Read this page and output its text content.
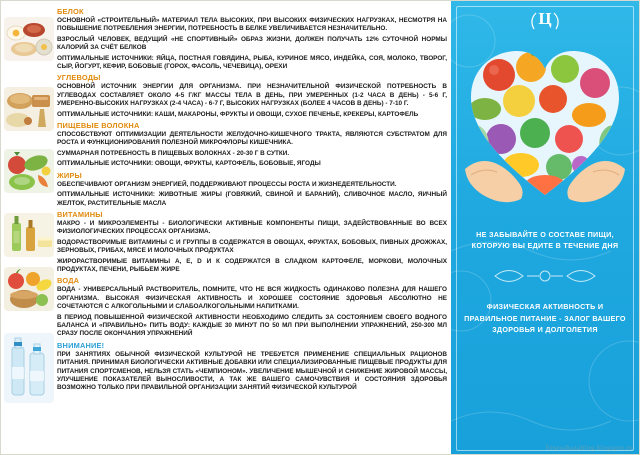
БЕЛОК

ОСНОВНОЙ «СТРОИТЕЛЬНЫЙ» МАТЕРИАЛ ТЕЛА ВЫСОКИХ, ПРИ ВЫСОКИХ ФИЗИЧЕСКИХ НАГРУЗКАХ, НЕСМОТРЯ НА ПОВЫШЕНИЕ ПОТРЕБЛЕНИЯ ЭНЕРГИИ, ПОТРЕБНОСТЬ В БЕЛКЕ УВЕЛИЧИВАЕТСЯ НЕЗНАЧИТЕЛЬНО.

ВЗРОСЛЫЙ ЧЕЛОВЕК, ВЕДУЩИЙ «НЕ СПОРТИВНЫЙ» ОБРАЗ ЖИЗНИ, ДОЛЖЕН ПОЛУЧАТЬ 12% СУТОЧНОЙ НОРМЫ КАЛОРИЙ ЗА СЧЁТ БЕЛКОВ

ОПТИМАЛЬНЫЕ ИСТОЧНИКИ: ЯЙЦА, ПОСТНАЯ ГОВЯДИНА, РЫБА, КУРИНОЕ МЯСО, ИНДЕЙКА, СОЯ, МОЛОКО, ТВОРОГ, СЫР, ЙОГУРТ, КЕФИР, БОБОВЫЕ (ГОРОХ, ФАСОЛЬ, ЧЕЧЕВИЦА), ОРЕХИ

УГЛЕВОДЫ

ОСНОВНОЙ ИСТОЧНИК ЭНЕРГИИ ДЛЯ ОРГАНИЗМА. ПРИ НЕЗНАЧИТЕЛЬНОЙ ФИЗИЧЕСКОЙ ПОТРЕБНОСТЬ В УГЛЕВОДАХ СОСТАВЛЯЕТ ОКОЛО 4-5 Г/КГ МАССЫ ТЕЛА В ДЕНЬ, ПРИ УМЕРЕННЫХ (1-2 ЧАСА В ДЕНЬ) - 5-6 Г, УМЕРЕННО-ВЫСОКИХ НАГРУЗКАХ (2-4 ЧАСА) - 6-7 Г, ВЫСОКИХ НАГРУЗКАХ (БОЛЕЕ 4 ЧАСОВ В ДЕНЬ) - 7-10 Г.

ОПТИМАЛЬНЫЕ ИСТОЧНИКИ: КАШИ, МАКАРОНЫ, ФРУКТЫ И ОВОЩИ, СУХОЕ ПЕЧЕНЬЕ, КРЕКЕРЫ, КАРТОФЕЛЬ

ПИЩЕВЫЕ ВОЛОКНА

СПОСОБСТВУЮТ ОПТИМИЗАЦИИ ДЕЯТЕЛЬНОСТИ ЖЕЛУДОЧНО-КИШЕЧНОГО ТРАКТА, ЯВЛЯЮТСЯ СУБСТРАТОМ ДЛЯ РОСТА И ФУНКЦИОНИРОВАНИЯ ПОЛЕЗНОЙ МИКРОФЛОРЫ КИШЕЧНИКА.

СУММАРНАЯ ПОТРЕБНОСТЬ В ПИЩЕВЫХ ВОЛОКНАХ - 20-30 Г В СУТКИ.

ОПТИМАЛЬНЫЕ ИСТОЧНИКИ: ОВОЩИ, ФРУКТЫ, КАРТОФЕЛЬ, БОБОВЫЕ, ЯГОДЫ

ЖИРЫ

ОБЕСПЕЧИВАЮТ ОРГАНИЗМ ЭНЕРГИЕЙ, ПОДДЕРЖИВАЮТ ПРОЦЕССЫ РОСТА И ЖИЗНЕДЕЯТЕЛЬНОСТИ.

ОПТИМАЛЬНЫЕ ИСТОЧНИКИ: ЖИВОТНЫЕ ЖИРЫ (ГОВЯЖИЙ, СВИНОЙ И БАРАНИЙ), СЛИВОЧНОЕ МАСЛО, ЯИЧНЫЙ ЖЕЛТОК, РАСТИТЕЛЬНЫЕ МАСЛА

ВИТАМИНЫ

МАКРО - И МИКРОЭЛЕМЕНТЫ - БИОЛОГИЧЕСКИ АКТИВНЫЕ КОМПОНЕНТЫ ПИЩИ, ЗАДЕЙСТВОВАННЫЕ ВО ВСЕХ ФИЗИОЛОГИЧЕСКИХ ПРОЦЕССАХ ОРГАНИЗМА.

ВОДОРАСТВОРИМЫЕ ВИТАМИНЫ С И ГРУППЫ В СОДЕРЖАТСЯ В ОВОЩАХ, ФРУКТАХ, БОБОВЫХ, ПИВНЫХ ДРОЖЖАХ, ЗЕРНОВЫХ, ГРИБАХ, МЯСЕ И МОЛОЧНЫХ ПРОДУКТАХ

ЖИРОРАСТВОРИМЫЕ ВИТАМИНЫ А, Е, D И К СОДЕРЖАТСЯ В СЛАДКОМ КАРТОФЕЛЕ, МОРКОВИ, МОЛОЧНЫХ ПРОДУКТАХ, ПЕЧЕНИ, РЫБЬЕМ ЖИРЕ

ВОДА

ВОДА - УНИВЕРСАЛЬНЫЙ РАСТВОРИТЕЛЬ, ПОМНИТЕ, ЧТО НЕ ВСЯ ЖИДКОСТЬ ОДИНАКОВО ПОЛЕЗНА ДЛЯ НАШЕГО ОРГАНИЗМА. ВЫСОКАЯ ФИЗИЧЕСКАЯ АКТИВНОСТЬ И ХОРОШЕЕ СОСТОЯНИЕ ЗДОРОВЬЯ АБСОЛЮТНО НЕ СОЧЕТАЮТСЯ С АЛКОГОЛЬНЫМИ И СЛАБОАЛКОГОЛЬНЫМИ НАПИТКАМИ.

В ПЕРИОД ПОВЫШЕННОЙ ФИЗИЧЕСКОЙ АКТИВНОСТИ НЕОБХОДИМО СЛЕДИТЬ ЗА СОСТОЯНИЕМ СВОЕГО ВОДНОГО БАЛАНСА И «ПРАВИЛЬНО» ПИТЬ ВОДУ: КАЖДЫЕ 30 МИНУТ ПО 50 МЛ ПРИ ВЫПОЛНЕНИИ УПРАЖНЕНИЙ, 250-300 МЛ СРАЗУ ПОСЛЕ ОКОНЧАНИЯ УПРАЖНЕНИЙ

ВНИМАНИЕ!

ПРИ ЗАНЯТИЯХ ОБЫЧНОЙ ФИЗИЧЕСКОЙ КУЛЬТУРОЙ НЕ ТРЕБУЕТСЯ ПРИМЕНЕНИЕ СПЕЦИАЛЬНЫХ РАЦИОНОВ ПИТАНИЯ. ПРИНИМАЯ БИОЛОГИЧЕСКИ АКТИВНЫЕ ДОБАВКИ ИЛИ СПЕЦИАЛИЗИРОВАННЫЕ ПИЩЕВЫЕ ПРОДУКТЫ ДЛЯ ПИТАНИЯ СПОРТСМЕНОВ, НЕЛЬЗЯ СТАТЬ «ЧЕМПИОНОМ». УВЕЛИЧЕНИЕ МЫШЕЧНОЙ И СНИЖЕНИЕ ЖИРОВОЙ МАССЫ, УЛУЧШЕНИЕ ПОКАЗАТЕЛЕЙ ВЫНОСЛИВОСТИ, А ТАК ЖЕ ВАШЕГО САМОЧУВСТВИЯ И СОСТОЯНИЯ ЗДОРОВЬЯ ВОЗМОЖНО ТОЛЬКО ПРИ ПРАВИЛЬНОЙ ОРГАНИЗАЦИИ ЗАНЯТИЙ ФИЗИЧЕСКОЙ КУЛЬТУРОЙ

Ц
НЕ ЗАБЫВАЙТЕ О СОСТАВЕ ПИЩИ, КОТОРУЮ ВЫ ЕДИТЕ В ТЕЧЕНИЕ ДНЯ
ФИЗИЧЕСКАЯ АКТИВНОСТЬ И ПРАВИЛЬНОЕ ПИТАНИЕ - ЗАЛОГ ВАШЕГО ЗДОРОВЬЯ И ДОЛГОЛЕТИЯ
fitnessbazablog.blogspot.ru
